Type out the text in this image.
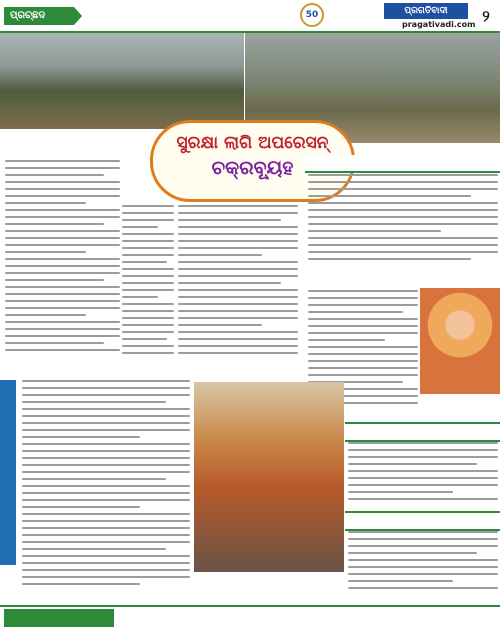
ପ୍ରଚ୍ଛଦ	50	ପ୍ରଗତିବାଦୀ
pragativadi.com ୨
ସୁରକ୍ଷା ଲାଗି ଅପରେସନ୍
ଚକ୍ରବ୍ୟୂହ
